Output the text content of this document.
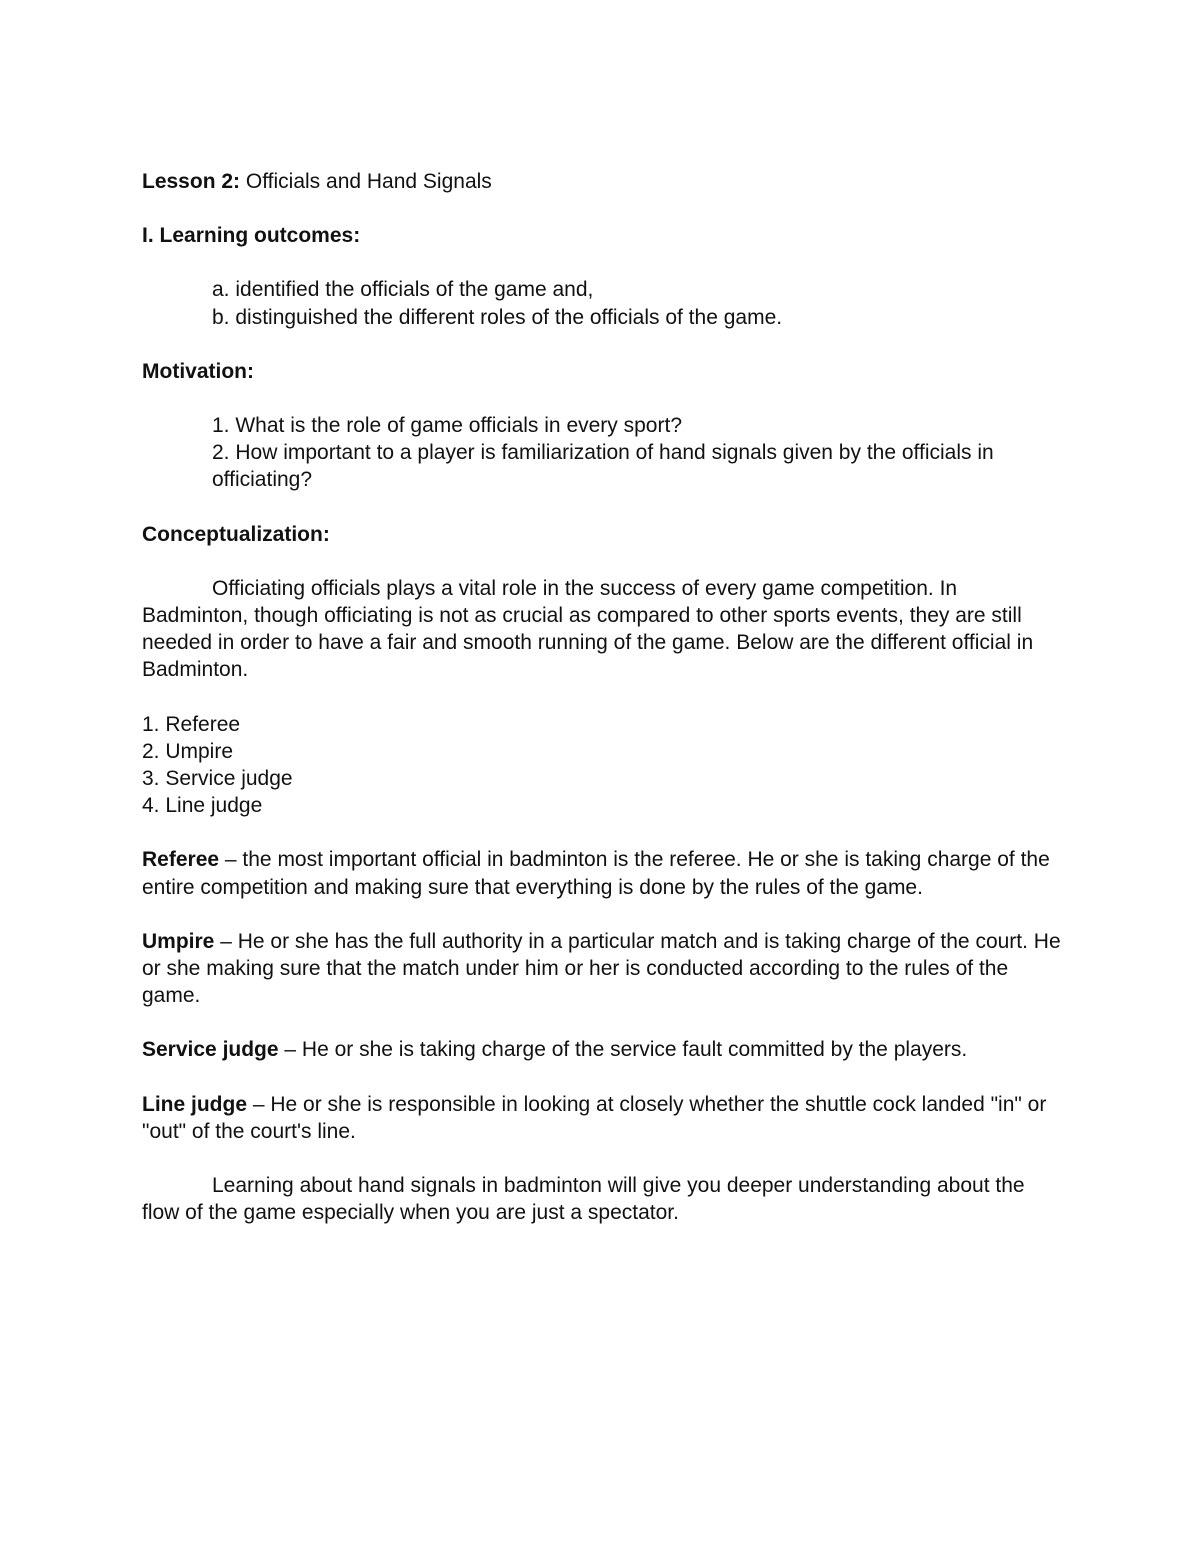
Lesson 2: Officials and Hand Signals

I. Learning outcomes:

a. identified the officials of the game and,
b. distinguished the different roles of the officials of the game.

Motivation:

1. What is the role of game officials in every sport?
2. How important to a player is familiarization of hand signals given by the officials in officiating?

Conceptualization:

Officiating officials plays a vital role in the success of every game competition. In Badminton, though officiating is not as crucial as compared to other sports events, they are still needed in order to have a fair and smooth running of the game. Below are the different official in Badminton.

1. Referee
2. Umpire
3. Service judge
4. Line judge

Referee – the most important official in badminton is the referee. He or she is taking charge of the entire competition and making sure that everything is done by the rules of the game.

Umpire – He or she has the full authority in a particular match and is taking charge of the court. He or she making sure that the match under him or her is conducted according to the rules of the game.

Service judge – He or she is taking charge of the service fault committed by the players.

Line judge – He or she is responsible in looking at closely whether the shuttle cock landed "in" or "out" of the court's line.

Learning about hand signals in badminton will give you deeper understanding about the flow of the game especially when you are just a spectator.
